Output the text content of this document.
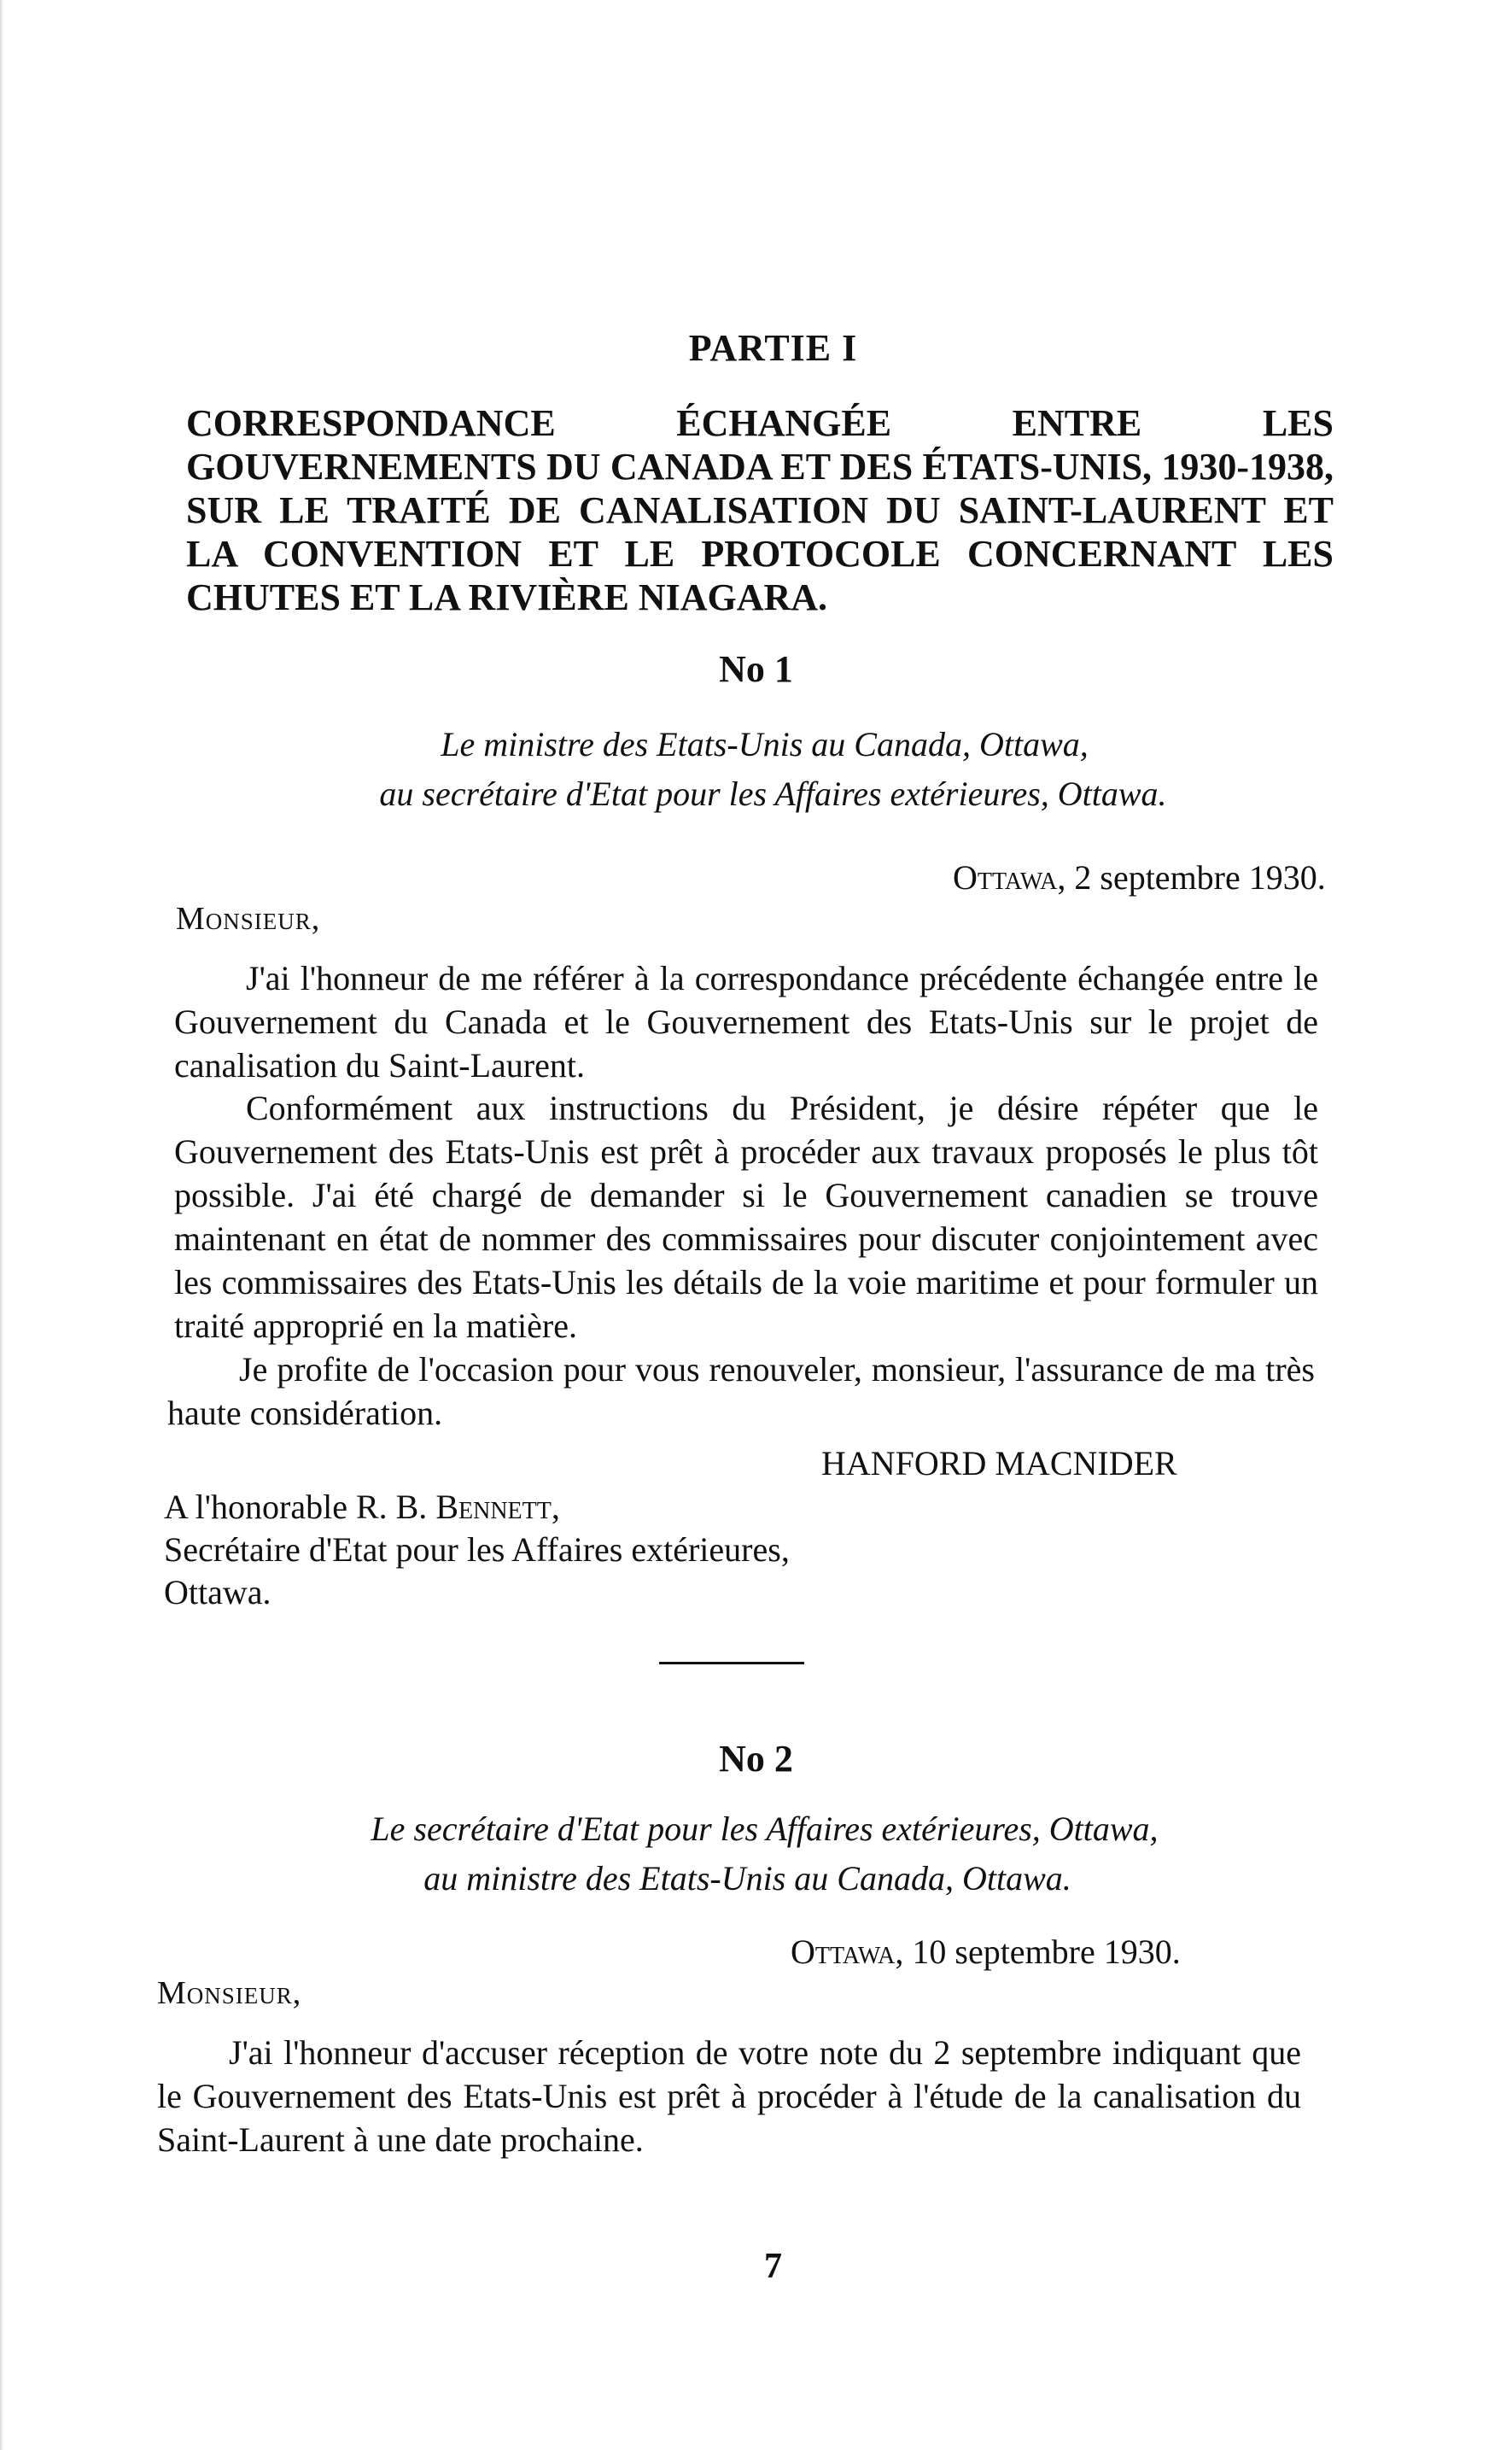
PARTIE I
CORRESPONDANCE ÉCHANGÉE ENTRE LES GOUVERNEMENTS DU CANADA ET DES ÉTATS-UNIS, 1930-1938, SUR LE TRAITÉ DE CANALISATION DU SAINT-LAURENT ET LA CONVENTION ET LE PROTOCOLE CONCERNANT LES CHUTES ET LA RIVIÈRE NIAGARA.
No 1
Le ministre des Etats-Unis au Canada, Ottawa,
au secrétaire d'Etat pour les Affaires extérieures, Ottawa.
Ottawa, 2 septembre 1930.
Monsieur,

J'ai l'honneur de me référer à la correspondance précédente échangée entre le Gouvernement du Canada et le Gouvernement des Etats-Unis sur le projet de canalisation du Saint-Laurent.

Conformément aux instructions du Président, je désire répéter que le Gouvernement des Etats-Unis est prêt à procéder aux travaux proposés le plus tôt possible. J'ai été chargé de demander si le Gouvernement canadien se trouve maintenant en état de nommer des commissaires pour discuter conjointement avec les commissaires des Etats-Unis les détails de la voie maritime et pour formuler un traité approprié en la matière.

Je profite de l'occasion pour vous renouveler, monsieur, l'assurance de ma très haute considération.

HANFORD MACNIDER
A l'honorable R. B. Bennett,
Secrétaire d'Etat pour les Affaires extérieures,
Ottawa.
No 2
Le secrétaire d'Etat pour les Affaires extérieures, Ottawa,
au ministre des Etats-Unis au Canada, Ottawa.
Ottawa, 10 septembre 1930.
Monsieur,

J'ai l'honneur d'accuser réception de votre note du 2 septembre indiquant que le Gouvernement des Etats-Unis est prêt à procéder à l'étude de la canalisation du Saint-Laurent à une date prochaine.

7
